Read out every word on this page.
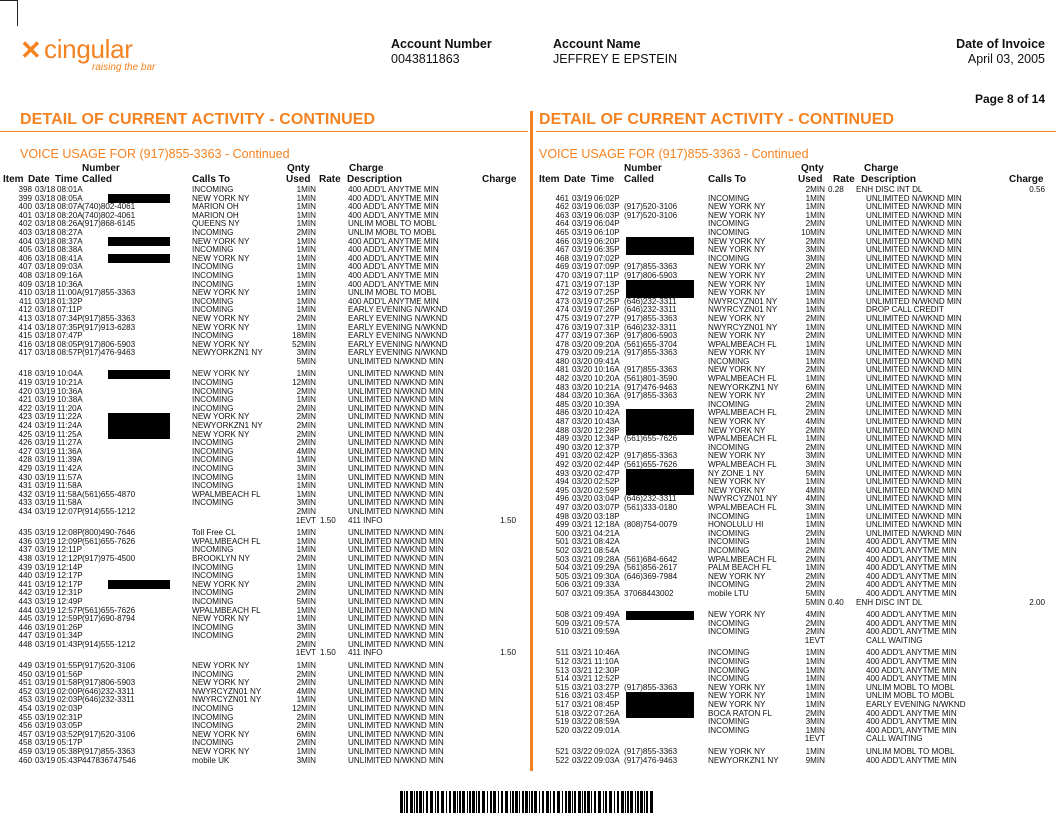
✕ cingular
raising the bar
Account Number
0043811863
Account Name
JEFFREY E EPSTEIN
Date of Invoice
April 03, 2005
Page 8 of 14
DETAIL OF CURRENT ACTIVITY - CONTINUED
VOICE USAGE FOR (917)855-3363 - Continued
Number	Qnty	Charge
Item Date Time Called	Calls To	Used Rate Description	Charge
398 03/18 08:01A	INCOMING	1MIN	400 ADD'L ANYTME MIN
399 03/18 08:05A	NEW YORK NY	1MIN	400 ADD'L ANYTME MIN
400 03/18 08:07A (740)802-4061	MARION OH	1MIN	400 ADD'L ANYTME MIN
401 03/18 08:20A (740)802-4061	MARION OH	1MIN	400 ADD'L ANYTME MIN
402 03/18 08:26A (917)868-6145	QUEENS NY	1MIN	UNLIM MOBL TO MOBL
403 03/18 08:27A	INCOMING	2MIN	UNLIM MOBL TO MOBL
404 03/18 08:37A	NEW YORK NY	1MIN	400 ADD'L ANYTME MIN
405 03/18 08:38A	INCOMING	1MIN	400 ADD'L ANYTME MIN
406 03/18 08:41A	NEW YORK NY	1MIN	400 ADD'L ANYTME MIN
407 03/18 09:03A	INCOMING	1MIN	400 ADD'L ANYTME MIN
408 03/18 09:16A	INCOMING	1MIN	400 ADD'L ANYTME MIN
409 03/18 10:36A	INCOMING	1MIN	400 ADD'L ANYTME MIN
410 03/18 11:00A (917)855-3363	NEW YORK NY	1MIN	UNLIM MOBL TO MOBL
411 03/18 01:32P	INCOMING	1MIN	400 ADD'L ANYTME MIN
412 03/18 07:11P	INCOMING	1MIN	EARLY EVENING N/WKND
413 03/18 07:34P (917)855-3363	NEW YORK NY	2MIN	EARLY EVENING N/WKND
414 03/18 07:35P (917)913-6283	NEW YORK NY	1MIN	EARLY EVENING N/WKND
415 03/18 07:47P	INCOMING	18MIN	EARLY EVENING N/WKND
416 03/18 08:05P (917)806-5903	NEW YORK NY	52MIN	EARLY EVENING N/WKND
417 03/18 08:57P (917)476-9463	NEWYORKZN1 NY	3MIN	EARLY EVENING N/WKND
5MIN	UNLIMITED N/WKND MIN
418 03/19 10:04A	NEW YORK NY	1MIN	UNLIMITED N/WKND MIN
419 03/19 10:21A	INCOMING	12MIN	UNLIMITED N/WKND MIN
420 03/19 10:36A	INCOMING	2MIN	UNLIMITED N/WKND MIN
421 03/19 10:38A	INCOMING	1MIN	UNLIMITED N/WKND MIN
422 03/19 11:20A	INCOMING	2MIN	UNLIMITED N/WKND MIN
423 03/19 11:22A	NEW YORK NY	2MIN	UNLIMITED N/WKND MIN
424 03/19 11:24A	NEWYORKZN1 NY	2MIN	UNLIMITED N/WKND MIN
425 03/19 11:25A	NEW YORK NY	2MIN	UNLIMITED N/WKND MIN
426 03/19 11:27A	INCOMING	2MIN	UNLIMITED N/WKND MIN
427 03/19 11:36A	INCOMING	4MIN	UNLIMITED N/WKND MIN
428 03/19 11:39A	INCOMING	1MIN	UNLIMITED N/WKND MIN
429 03/19 11:42A	INCOMING	3MIN	UNLIMITED N/WKND MIN
430 03/19 11:57A	INCOMING	1MIN	UNLIMITED N/WKND MIN
431 03/19 11:58A	INCOMING	1MIN	UNLIMITED N/WKND MIN
432 03/19 11:58A (561)655-4870	WPALMBEACH FL	1MIN	UNLIMITED N/WKND MIN
433 03/19 11:58A	INCOMING	3MIN	UNLIMITED N/WKND MIN
434 03/19 12:07P (914)555-1212	2MIN	UNLIMITED N/WKND MIN
1EVT 1.50 411 INFO	1.50
435 03/19 12:08P (800)490-7646	Toll Free CL	1MIN	UNLIMITED N/WKND MIN
436 03/19 12:09P (561)655-7626	WPALMBEACH FL	1MIN	UNLIMITED N/WKND MIN
437 03/19 12:11P	INCOMING	1MIN	UNLIMITED N/WKND MIN
438 03/19 12:12P (917)975-4500	BROOKLYN NY	2MIN	UNLIMITED N/WKND MIN
439 03/19 12:14P	INCOMING	1MIN	UNLIMITED N/WKND MIN
440 03/19 12:17P	INCOMING	1MIN	UNLIMITED N/WKND MIN
441 03/19 12:17P	NEW YORK NY	2MIN	UNLIMITED N/WKND MIN
442 03/19 12:31P	INCOMING	2MIN	UNLIMITED N/WKND MIN
443 03/19 12:49P	INCOMING	5MIN	UNLIMITED N/WKND MIN
444 03/19 12:57P (561)655-7626	WPALMBEACH FL	1MIN	UNLIMITED N/WKND MIN
445 03/19 12:59P (917)690-8794	NEW YORK NY	1MIN	UNLIMITED N/WKND MIN
446 03/19 01:26P	INCOMING	3MIN	UNLIMITED N/WKND MIN
447 03/19 01:34P	INCOMING	2MIN	UNLIMITED N/WKND MIN
448 03/19 01:43P (914)555-1212	2MIN	UNLIMITED N/WKND MIN
1EVT 1.50 411 INFO	1.50
449 03/19 01:55P (917)520-3106	NEW YORK NY	1MIN	UNLIMITED N/WKND MIN
450 03/19 01:56P	INCOMING	2MIN	UNLIMITED N/WKND MIN
451 03/19 01:58P (917)806-5903	NEW YORK NY	2MIN	UNLIMITED N/WKND MIN
452 03/19 02:00P (646)232-3311	NWYRCYZN01 NY	4MIN	UNLIMITED N/WKND MIN
453 03/19 02:03P (646)232-3311	NWYRCYZN01 NY	1MIN	UNLIMITED N/WKND MIN
454 03/19 02:03P	INCOMING	12MIN	UNLIMITED N/WKND MIN
455 03/19 02:31P	INCOMING	2MIN	UNLIMITED N/WKND MIN
456 03/19 03:05P	INCOMING	2MIN	UNLIMITED N/WKND MIN
457 03/19 03:52P (917)520-3106	NEW YORK NY	6MIN	UNLIMITED N/WKND MIN
458 03/19 05:17P	INCOMING	2MIN	UNLIMITED N/WKND MIN
459 03/19 05:38P (917)855-3363	NEW YORK NY	1MIN	UNLIMITED N/WKND MIN
460 03/19 05:43P 447836747546	mobile UK	3MIN	UNLIMITED N/WKND MIN
DETAIL OF CURRENT ACTIVITY - CONTINUED
VOICE USAGE FOR (917)855-3363 - Continued
Number	Qnty	Charge
Item Date Time Called	Calls To	Used Rate Description	Charge
2MIN 0.28 ENH DISC INT DL	0.56
461 03/19 06:02P	INCOMING	1MIN	UNLIMITED N/WKND MIN
462 03/19 06:03P (917)520-3106	NEW YORK NY	1MIN	UNLIMITED N/WKND MIN
463 03/19 06:03P (917)520-3106	NEW YORK NY	1MIN	UNLIMITED N/WKND MIN
464 03/19 06:04P	INCOMING	2MIN	UNLIMITED N/WKND MIN
465 03/19 06:10P	INCOMING	10MIN	UNLIMITED N/WKND MIN
466 03/19 06:20P	NEW YORK NY	2MIN	UNLIMITED N/WKND MIN
467 03/19 06:35P	NEW YORK NY	3MIN	UNLIMITED N/WKND MIN
468 03/19 07:02P	INCOMING	3MIN	UNLIMITED N/WKND MIN
469 03/19 07:09P (917)855-3363	NEW YORK NY	2MIN	UNLIMITED N/WKND MIN
470 03/19 07:11P (917)806-5903	NEW YORK NY	2MIN	UNLIMITED N/WKND MIN
471 03/19 07:13P	NEW YORK NY	1MIN	UNLIMITED N/WKND MIN
472 03/19 07:25P	NEW YORK NY	1MIN	UNLIMITED N/WKND MIN
473 03/19 07:25P (646)232-3311	NWYRCYZN01 NY	1MIN	UNLIMITED N/WKND MIN
474 03/19 07:26P (646)232-3311	NWYRCYZN01 NY	1MIN	DROP CALL CREDIT
475 03/19 07:27P (917)855-3363	NEW YORK NY	2MIN	UNLIMITED N/WKND MIN
476 03/19 07:31P (646)232-3311	NWYRCYZN01 NY	1MIN	UNLIMITED N/WKND MIN
477 03/19 07:36P (917)806-5903	NEW YORK NY	2MIN	UNLIMITED N/WKND MIN
478 03/20 09:20A (561)655-3704	WPALMBEACH FL	1MIN	UNLIMITED N/WKND MIN
479 03/20 09:21A (917)855-3363	NEW YORK NY	1MIN	UNLIMITED N/WKND MIN
480 03/20 09:41A	INCOMING	1MIN	UNLIMITED N/WKND MIN
481 03/20 10:16A (917)855-3363	NEW YORK NY	2MIN	UNLIMITED N/WKND MIN
482 03/20 10:20A (561)801-3590	WPALMBEACH FL	1MIN	UNLIMITED N/WKND MIN
483 03/20 10:21A (917)476-9463	NEWYORKZN1 NY	6MIN	UNLIMITED N/WKND MIN
484 03/20 10:36A (917)855-3363	NEW YORK NY	2MIN	UNLIMITED N/WKND MIN
485 03/20 10:39A	INCOMING	2MIN	UNLIMITED N/WKND MIN
486 03/20 10:42A	WPALMBEACH FL	2MIN	UNLIMITED N/WKND MIN
487 03/20 10:43A	NEW YORK NY	4MIN	UNLIMITED N/WKND MIN
488 03/20 12:28P	NEW YORK NY	2MIN	UNLIMITED N/WKND MIN
489 03/20 12:34P (561)655-7626	WPALMBEACH FL	1MIN	UNLIMITED N/WKND MIN
490 03/20 12:37P	INCOMING	2MIN	UNLIMITED N/WKND MIN
491 03/20 02:42P (917)855-3363	NEW YORK NY	3MIN	UNLIMITED N/WKND MIN
492 03/20 02:44P (561)655-7626	WPALMBEACH FL	3MIN	UNLIMITED N/WKND MIN
493 03/20 02:47P	NY ZONE 1 NY	5MIN	UNLIMITED N/WKND MIN
494 03/20 02:52P	NEW YORK NY	1MIN	UNLIMITED N/WKND MIN
495 03/20 02:59P	NEW YORK NY	4MIN	UNLIMITED N/WKND MIN
496 03/20 03:04P (646)232-3311	NWYRCYZN01 NY	4MIN	UNLIMITED N/WKND MIN
497 03/20 03:07P (561)333-0180	WPALMBEACH FL	3MIN	UNLIMITED N/WKND MIN
498 03/20 03:18P	INCOMING	1MIN	UNLIMITED N/WKND MIN
499 03/21 12:18A (808)754-0079	HONOLULU HI	1MIN	UNLIMITED N/WKND MIN
500 03/21 04:21A	INCOMING	2MIN	UNLIMITED N/WKND MIN
501 03/21 08:42A	INCOMING	1MIN	400 ADD'L ANYTME MIN
502 03/21 08:54A	INCOMING	2MIN	400 ADD'L ANYTME MIN
503 03/21 09:28A (561)684-6642	WPALMBEACH FL	2MIN	400 ADD'L ANYTME MIN
504 03/21 09:29A (561)856-2617	PALM BEACH FL	1MIN	400 ADD'L ANYTME MIN
505 03/21 09:30A (646)369-7984	NEW YORK NY	2MIN	400 ADD'L ANYTME MIN
506 03/21 09:33A	INCOMING	2MIN	400 ADD'L ANYTME MIN
507 03/21 09:35A 37068443002	mobile LTU	5MIN	400 ADD'L ANYTME MIN
5MIN 0.40 ENH DISC INT DL	2.00
508 03/21 09:49A	NEW YORK NY	4MIN	400 ADD'L ANYTME MIN
509 03/21 09:57A	INCOMING	2MIN	400 ADD'L ANYTME MIN
510 03/21 09:59A	INCOMING	2MIN	400 ADD'L ANYTME MIN
1EVT	CALL WAITING
511 03/21 10:46A	INCOMING	1MIN	400 ADD'L ANYTME MIN
512 03/21 11:10A	INCOMING	1MIN	400 ADD'L ANYTME MIN
513 03/21 12:30P	INCOMING	1MIN	400 ADD'L ANYTME MIN
514 03/21 12:52P	INCOMING	1MIN	400 ADD'L ANYTME MIN
515 03/21 03:27P (917)855-3363	NEW YORK NY	1MIN	UNLIM MOBL TO MOBL
516 03/21 03:45P	NEW YORK NY	1MIN	UNLIM MOBL TO MOBL
517 03/21 08:45P	NEW YORK NY	1MIN	EARLY EVENING N/WKND
518 03/22 07:26A	BOCA RATON FL	2MIN	400 ADD'L ANYTME MIN
519 03/22 08:59A	INCOMING	3MIN	400 ADD'L ANYTME MIN
520 03/22 09:01A	INCOMING	1MIN	400 ADD'L ANYTME MIN
1EVT	CALL WAITING
521 03/22 09:02A (917)855-3363	NEW YORK NY	1MIN	UNLIM MOBL TO MOBL
522 03/22 09:03A (917)476-9463	NEWYORKZN1 NY	9MIN	400 ADD'L ANYTME MIN
